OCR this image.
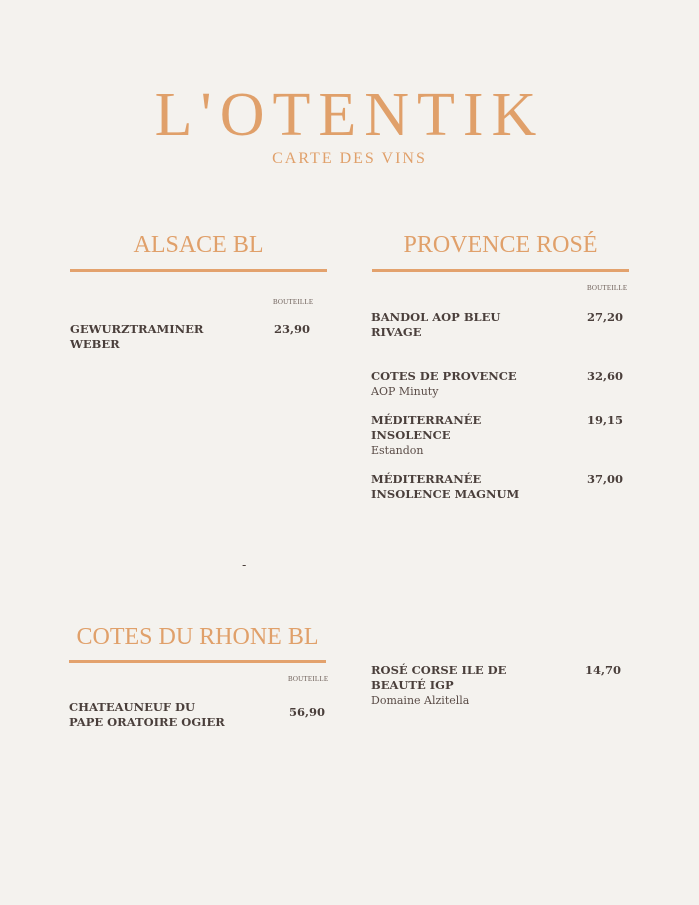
L'OTENTIK
CARTE DES VINS
ALSACE BL
BOUTEILLE
GEWURZTRAMINER WEBER
23,90
PROVENCE ROSÉ
BOUTEILLE
BANDOL AOP BLEU RIVAGE
27,20
COTES DE PROVENCE
AOP Minuty
32,60
MÉDITERRANÉE INSOLENCE
Estandon
19,15
MÉDITERRANÉE INSOLENCE MAGNUM
37,00
ROSÉ CORSE ILE DE BEAUTÉ IGP
Domaine Alzitella
14,70
-
COTES DU RHONE BL
BOUTEILLE
CHATEAUNEUF DU PAPE ORATOIRE OGIER
56,90
